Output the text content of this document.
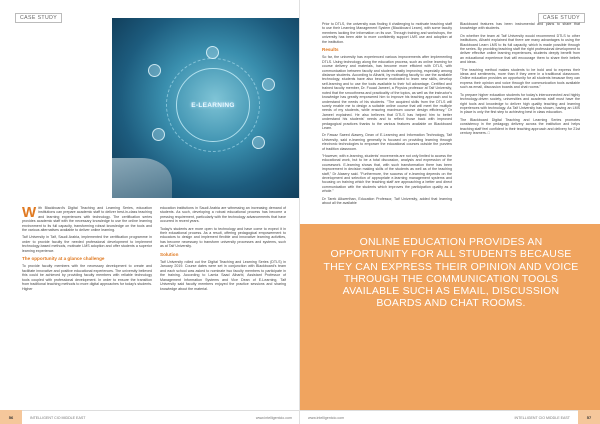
CASE STUDY
E-LEARNING

With Blackboard's Digital Teaching and Learning Series, education institutions can prepare academic staff to deliver best-in-class teaching and learning experiences with technology. The certification series provides academic staff with the necessary knowledge to use the online learning environment to its full capacity, transforming robust knowledge on the tools and the various alternatives available to deliver online learning.

Taif University in Taif, Saudi Arabia, implemented the certification programme in order to provide faculty the needed professional development to implement technology-based methods, motivate LMS adoption and offer students a superior learning experience.

The opportunity at a glance challenge

To provide faculty members with the necessary development to create and facilitate innovative and positive educational experiences. The university believed this could be achieved by providing faculty members with reliable technology tools coupled with professional development. In order to ensure the transition from traditional teaching methods to more digital approaches for today's students. Higher

education institutions in Saudi Arabia are witnessing an increasing demand of students. As such, developing a robust educational process has become a pressing requirement, particularly with the technology advancements that have occurred in recent years.

Today's students are more open to technology and have come to expect it in their educational process. As a result, offering pedagogical empowerment to educators to design and implement flexible and innovative learning activities, has become necessary to transform university processes and systems, such as at Taif University.

Solution

Taif University rolled out the Digital Teaching and Learning Series (DTLS) in January 2019. Course dates were set in conjunction with Blackboard's team and each school was asked to nominate two faculty members to participate in the training. According to Lamia Saad Alharbi, Assistant Professor of Management Information Systems and Vice Dean of E-Learning, Taif University said faculty members enjoyed the practice sessions and sharing knowledge about the material.

56	INTELLIGENT CIO MIDDLE EAST	www.intelligentcio.com
CASE STUDY

Prior to DTLS, the university was finding it challenging to motivate teaching staff to use their Learning Management System (Blackboard Learn), with some faculty members lacking the information on its use. Through training and workshops, the university has been able to more confidently support LMS use and adoption at the institution.

Results

So far, the university has experienced various improvements after implementing DTLS. Using technology along the education process, such as online learning for course delivery and materials, has become more efficient with DTLS, with communication between faculty and students vastly improving, especially among distance students. According to Alharbi, by motivating faculty to use the available technology, students have also become motivated to learn new skills, develop self-learning and to use the tools available to their full advantage. Certified and trained faculty member, Dr. Fouad Jameel, a Physics professor at Taif University, noted that the smoothness and practicality of the topics, as well as the instructor's knowledge has greatly empowered him to improve his teaching approach and to understand the needs of his students. "The acquired skills from the DTLS will surely enable me to design a suitable online course that will meet the multiple needs of my students, while ensuring maximum course design efficiency," Dr Jameel explained. He also believes that DTLS has helped him to better understand his students' needs and to reflect those back with improved pedagogical practices thanks to the various features available on Blackboard Learn.

Dr Fawaz Saeed Alasery, Dean of E-Learning and Information Technology, Taif University, said e-learning generally is focused on providing learning through electronic technologies to empower the educational courses outside the purview of tradition classroom.

"However, with e-learning, students' movements are not only limited to access the educational work, but to be a total discussion, analysis and expression of the coursework. E-learning shows that, with such transformation there has been improvement in decision making skills of the students as well as of the teaching staff," Dr Alasery said. "Furthermore, the success of e-learning depends on the development and selection of appropriate e-learning management systems and focusing on training which the teaching staff are approaching a better and direct communication with the students which improves the participation quality as a whole."

Dr Tarek Alkwerthan, Education Professor, Taif University, added that learning about all the available

Blackboard features has been instrumental and plans to share that knowledge with students.

On whether the team at Taif University would recommend DTLS to other institutions, Alharbi explained that there are many advantages to using the Blackboard Learn LMS to its full capacity, which is made possible through the series. By providing teaching staff the right professional development to deliver effective online learning experiences, students deeply benefit from an educational experience that will encourage them to share their beliefs and ideas.

"The teaching method makes students to be bold and to express their ideas and sentiments, more than if they were in a traditional classroom. Online education provides an opportunity for all students because they can express their opinion and voice through the communication tools available such as email, discussion boards and chat rooms."

To prepare higher education students for today's interconnected and highly technology-driven society, universities and academic staff must have the right tools and knowledge to deliver high quality teaching and learning experiences with technology. As Taif University has shown, having an LMS in place is only the first step to achieving best in class education.

The Blackboard Digital Teaching and Learning Series promotes consistency in the pedagogy delivery across the institution and helps teaching staff feel confident in their teaching approach and delivery for 21st century learners. □

ONLINE EDUCATION PROVIDES AN OPPORTUNITY FOR ALL STUDENTS BECAUSE THEY CAN EXPRESS THEIR OPINION AND VOICE THROUGH THE COMMUNICATION TOOLS AVAILABLE SUCH AS EMAIL, DISCUSSION BOARDS AND CHAT ROOMS.
www.intelligentcio.com	INTELLIGENT CIO MIDDLE EAST	57
